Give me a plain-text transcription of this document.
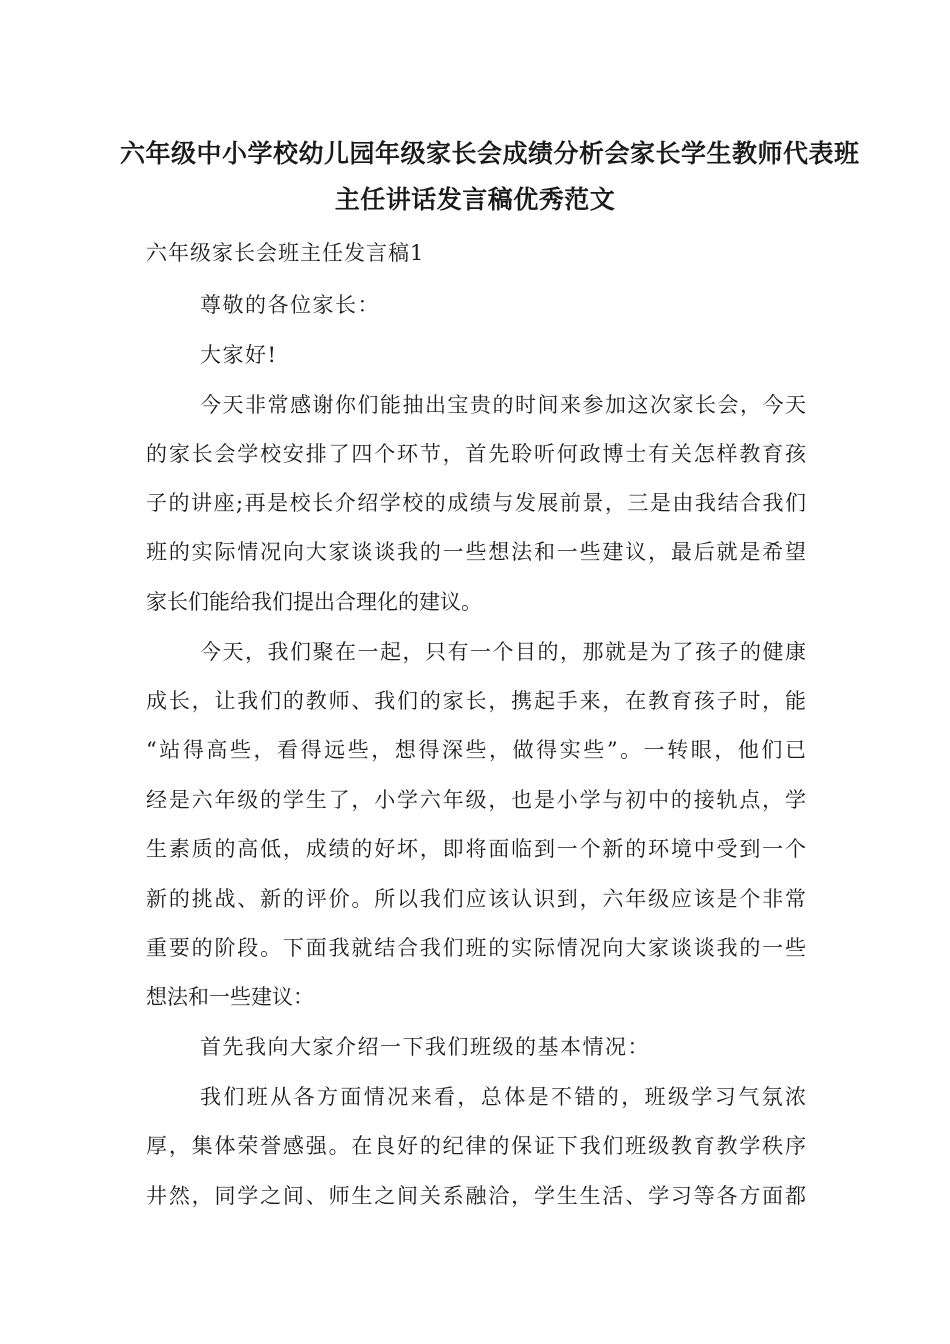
六年级中小学校幼儿园年级家长会成绩分析会家长学生教师代表班
主任讲话发言稿优秀范文
六年级家长会班主任发言稿1
尊敬的各位家长：
大家好!
今天非常感谢你们能抽出宝贵的时间来参加这次家长会，今天
的家长会学校安排了四个环节，首先聆听何政博士有关怎样教育孩
子的讲座;再是校长介绍学校的成绩与发展前景，三是由我结合我们
班的实际情况向大家谈谈我的一些想法和一些建议，最后就是希望
家长们能给我们提出合理化的建议。
今天，我们聚在一起，只有一个目的，那就是为了孩子的健康
成长，让我们的教师、我们的家长，携起手来，在教育孩子时，能
“站得高些，看得远些，想得深些，做得实些”。一转眼，他们已
经是六年级的学生了，小学六年级，也是小学与初中的接轨点，学
生素质的高低，成绩的好坏，即将面临到一个新的环境中受到一个
新的挑战、新的评价。所以我们应该认识到，六年级应该是个非常
重要的阶段。下面我就结合我们班的实际情况向大家谈谈我的一些
想法和一些建议：
首先我向大家介绍一下我们班级的基本情况：
我们班从各方面情况来看，总体是不错的，班级学习气氛浓
厚，集体荣誉感强。在良好的纪律的保证下我们班级教育教学秩序
井然，同学之间、师生之间关系融洽，学生生活、学习等各方面都
